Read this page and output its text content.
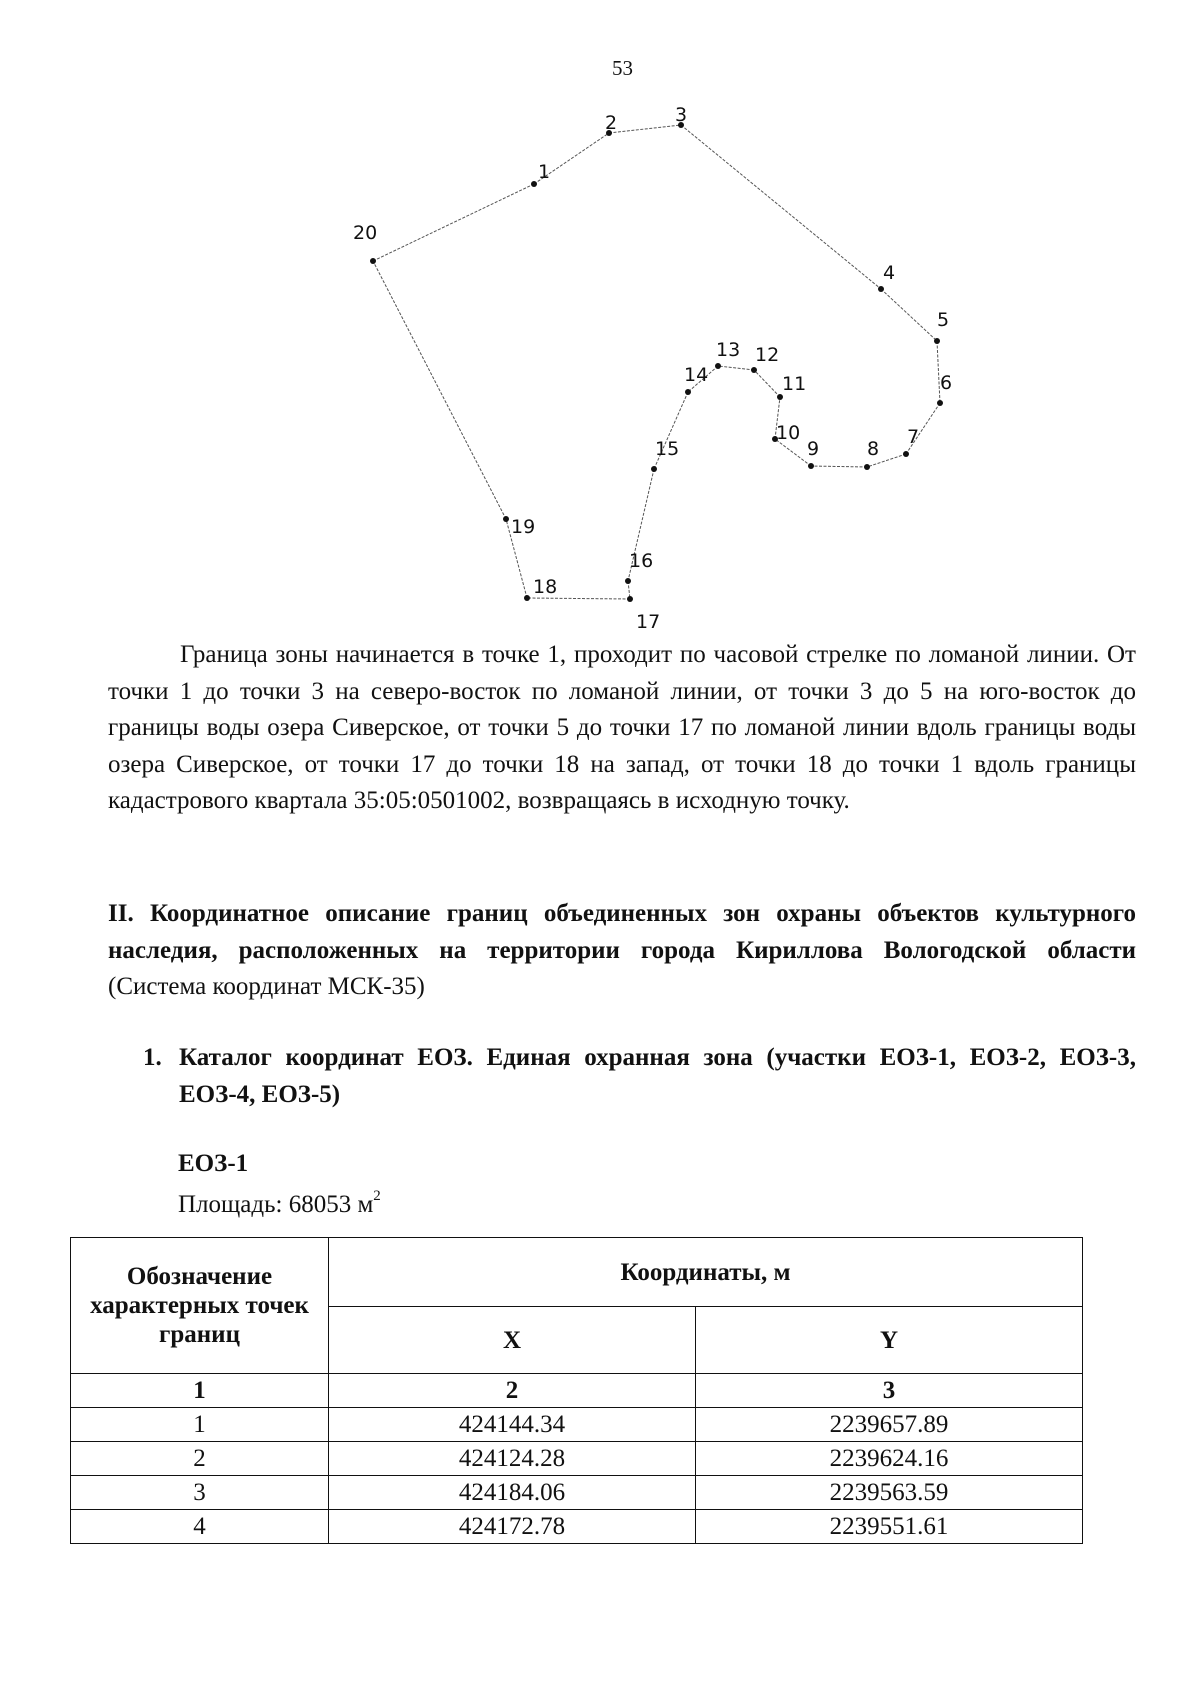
53
1
2	3
4
5
6
7
8
9
10
11
12
13
14
15
16
17
18
19
20
Граница зоны начинается в точке 1, проходит по часовой стрелке по ломаной линии. От точки 1 до точки 3 на северо-восток по ломаной линии, от точки 3 до 5 на юго-восток до границы воды озера Сиверское, от точки 5 до точки 17 по ломаной линии вдоль границы воды озера Сиверское, от точки 17 до точки 18 на запад, от точки 18 до точки 1 вдоль границы кадастрового квартала 35:05:0501002, возвращаясь в исходную точку.
II. Координатное описание границ объединенных зон охраны объектов культурного наследия, расположенных на территории города Кириллова Вологодской области (Система координат МСК-35)
1. Каталог координат ЕОЗ. Единая охранная зона (участки ЕОЗ-1, ЕОЗ-2, ЕОЗ-3, ЕОЗ-4, ЕОЗ-5)
ЕОЗ-1
Площадь: 68053 $м^2$
Обозначение характерных точек границ	Координаты, м	
	X	Y
1	2	3
1	424144.34	2239657.89
2	424124.28	2239624.16
3	424184.06	2239563.59
4	424172.78	2239551.61
